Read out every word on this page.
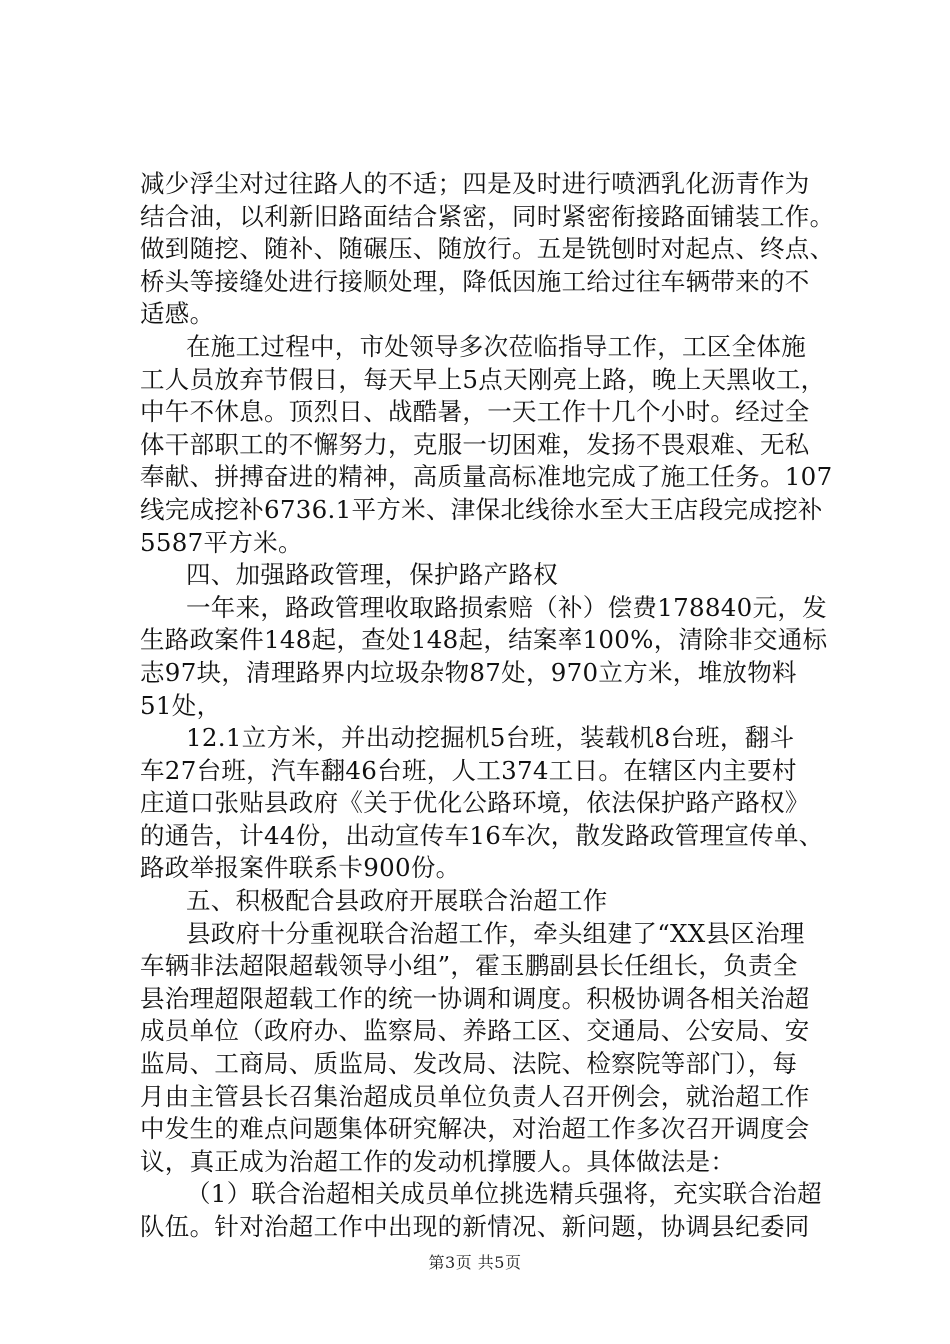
减少浮尘对过往路人的不适；四是及时进行喷洒乳化沥青作为
结合油，以利新旧路面结合紧密，同时紧密衔接路面铺装工作。
做到随挖、随补、随碾压、随放行。五是铣刨时对起点、终点、
桥头等接缝处进行接顺处理，降低因施工给过往车辆带来的不
适感。
在施工过程中，市处领导多次莅临指导工作，工区全体施
工人员放弃节假日，每天早上5点天刚亮上路，晚上天黑收工，
中午不休息。顶烈日、战酷暑，一天工作十几个小时。经过全
体干部职工的不懈努力，克服一切困难，发扬不畏艰难、无私
奉献、拼搏奋进的精神，高质量高标准地完成了施工任务。107
线完成挖补6736.1平方米、津保北线徐水至大王店段完成挖补
5587平方米。
四、加强路政管理，保护路产路权
一年来，路政管理收取路损索赔（补）偿费178840元，发
生路政案件148起，查处148起，结案率100%，清除非交通标
志97块，清理路界内垃圾杂物87处，970立方米，堆放物料
51处，
12.1立方米，并出动挖掘机5台班，装载机8台班，翻斗
车27台班，汽车翻46台班，人工374工日。在辖区内主要村
庄道口张贴县政府《关于优化公路环境，依法保护路产路权》
的通告，计44份，出动宣传车16车次，散发路政管理宣传单、
路政举报案件联系卡900份。
五、积极配合县政府开展联合治超工作
县政府十分重视联合治超工作，牵头组建了“XX县区治理
车辆非法超限超载领导小组”，霍玉鹏副县长任组长，负责全
县治理超限超载工作的统一协调和调度。积极协调各相关治超
成员单位（政府办、监察局、养路工区、交通局、公安局、安
监局、工商局、质监局、发改局、法院、检察院等部门），每
月由主管县长召集治超成员单位负责人召开例会，就治超工作
中发生的难点问题集体研究解决，对治超工作多次召开调度会
议，真正成为治超工作的发动机撑腰人。具体做法是：
（1）联合治超相关成员单位挑选精兵强将，充实联合治超
队伍。针对治超工作中出现的新情况、新问题，协调县纪委同
第3页 共5页
